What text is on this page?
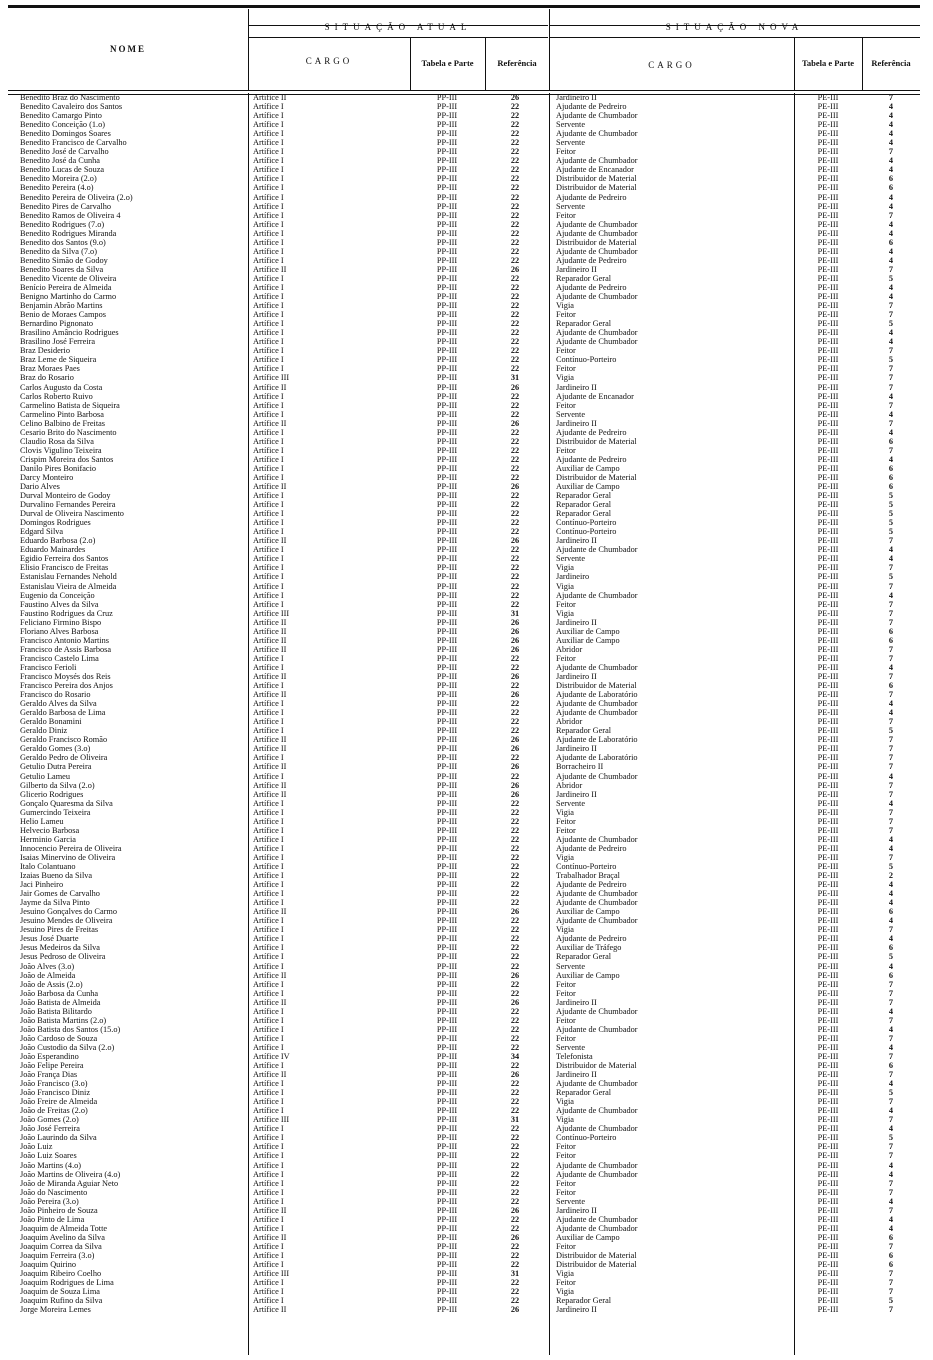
NOME
SITUAÇÃO ATUAL	SITUAÇÃO NOVA
CARGO	Tabela e Parte	Referência	CARGO	Tabela e Parte	Referência
Benedito Braz do Nascimento	Artífice II	PP-III	26	Jardineiro II	PE-III	7
Benedito Cavaleiro dos Santos	Artífice I	PP-III	22	Ajudante de Pedreiro	PE-III	4
Benedito Camargo Pinto	Artífice I	PP-III	22	Ajudante de Chumbador	PE-III	4
Benedito Conceição (1.o)	Artífice I	PP-III	22	Servente	PE-III	4
Benedito Domingos Soares	Artífice I	PP-III	22	Ajudante de Chumbador	PE-III	4
Benedito Francisco de Carvalho	Artífice I	PP-III	22	Servente	PE-III	4
Benedito José de Carvalho	Artífice I	PP-III	22	Feitor	PE-III	7
Benedito José da Cunha	Artífice I	PP-III	22	Ajudante de Chumbador	PE-III	4
Benedito Lucas de Souza	Artífice I	PP-III	22	Ajudante de Encanador	PE-III	4
Benedito Moreira (2.o)	Artífice I	PP-III	22	Distribuidor de Material	PE-III	6
Benedito Pereira (4.o)	Artífice I	PP-III	22	Distribuidor de Material	PE-III	6
Benedito Pereira de Oliveira (2.o)	Artífice I	PP-III	22	Ajudante de Pedreiro	PE-III	4
Benedito Pires de Carvalho	Artífice I	PP-III	22	Servente	PE-III	4
Benedito Ramos de Oliveira 4	Artífice I	PP-III	22	Feitor	PE-III	7
Benedito Rodrigues (7.o)	Artífice I	PP-III	22	Ajudante de Chumbador	PE-III	4
Benedito Rodrigues Miranda	Artífice I	PP-III	22	Ajudante de Chumbador	PE-III	4
Benedito dos Santos (9.o)	Artífice I	PP-III	22	Distribuidor de Material	PE-III	6
Benedito da Silva (7.o)	Artífice I	PP-III	22	Ajudante de Chumbador	PE-III	4
Benedito Simão de Godoy	Artífice I	PP-III	22	Ajudante de Pedreiro	PE-III	4
Benedito Soares da Silva	Artífice II	PP-III	26	Jardineiro II	PE-III	7
Benedito Vicente de Oliveira	Artífice I	PP-III	22	Reparador Geral	PE-III	5
Benício Pereira de Almeida	Artífice I	PP-III	22	Ajudante de Pedreiro	PE-III	4
Benigno Martinho do Carmo	Artífice I	PP-III	22	Ajudante de Chumbador	PE-III	4
Benjamin Abrão Martins	Artífice I	PP-III	22	Vigia	PE-III	7
Benio de Moraes Campos	Artífice I	PP-III	22	Feitor	PE-III	7
Bernardino Pignonato	Artífice I	PP-III	22	Reparador Geral	PE-III	5
Brasilino Amâncio Rodrigues	Artífice I	PP-III	22	Ajudante de Chumbador	PE-III	4
Brasilino José Ferreira	Artífice I	PP-III	22	Ajudante de Chumbador	PE-III	4
Braz Desiderio	Artífice I	PP-III	22	Feitor	PE-III	7
Braz Leme de Siqueira	Artífice I	PP-III	22	Contínuo-Porteiro	PE-III	5
Braz Moraes Paes	Artífice I	PP-III	22	Feitor	PE-III	7
Braz do Rosario	Artífice III	PP-III	31	Vigia	PE-III	7
Carlos Augusto da Costa	Artífice II	PP-III	26	Jardineiro II	PE-III	7
Carlos Roberto Ruivo	Artífice I	PP-III	22	Ajudante de Encanador	PE-III	4
Carmelino Batista de Siqueira	Artífice I	PP-III	22	Feitor	PE-III	7
Carmelino Pinto Barbosa	Artífice I	PP-III	22	Servente	PE-III	4
Celino Balbino de Freitas	Artífice II	PP-III	26	Jardineiro II	PE-III	7
Cesario Brito do Nascimento	Artífice I	PP-III	22	Ajudante de Pedreiro	PE-III	4
Claudio Rosa da Silva	Artífice I	PP-III	22	Distribuidor de Material	PE-III	6
Clovis Vigulino Teixeira	Artífice I	PP-III	22	Feitor	PE-III	7
Crispim Moreira dos Santos	Artífice I	PP-III	22	Ajudante de Pedreiro	PE-III	4
Danilo Pires Bonifacio	Artífice I	PP-III	22	Auxiliar de Campo	PE-III	6
Darcy Monteiro	Artífice I	PP-III	22	Distribuidor de Material	PE-III	6
Dario Alves	Artífice II	PP-III	26	Auxiliar de Campo	PE-III	6
Durval Monteiro de Godoy	Artífice I	PP-III	22	Reparador Geral	PE-III	5
Durvalino Fernandes Pereira	Artífice I	PP-III	22	Reparador Geral	PE-III	5
Durval de Oliveira Nascimento	Artífice I	PP-III	22	Reparador Geral	PE-III	5
Domingos Rodrigues	Artífice I	PP-III	22	Contínuo-Porteiro	PE-III	5
Edgard Silva	Artífice I	PP-III	22	Contínuo-Porteiro	PE-III	5
Eduardo Barbosa (2.o)	Artífice II	PP-III	26	Jardineiro II	PE-III	7
Eduardo Mainardes	Artífice I	PP-III	22	Ajudante de Chumbador	PE-III	4
Egidio Ferreira dos Santos	Artífice I	PP-III	22	Servente	PE-III	4
Elisio Francisco de Freitas	Artífice I	PP-III	22	Vigia	PE-III	7
Estanislau Fernandes Nehold	Artífice I	PP-III	22	Jardineiro	PE-III	5
Estanislau Vieira de Almeida	Artífice I	PP-III	22	Vigia	PE-III	7
Eugenio da Conceição	Artífice I	PP-III	22	Ajudante de Chumbador	PE-III	4
Faustino Alves da Silva	Artífice I	PP-III	22	Feitor	PE-III	7
Faustino Rodrigues da Cruz	Artífice III	PP-III	31	Vigia	PE-III	7
Feliciano Firmino Bispo	Artífice II	PP-III	26	Jardineiro II	PE-III	7
Floriano Alves Barbosa	Artífice II	PP-III	26	Auxiliar de Campo	PE-III	6
Francisco Antonio Martins	Artífice II	PP-III	26	Auxiliar de Campo	PE-III	6
Francisco de Assis Barbosa	Artífice II	PP-III	26	Abridor	PE-III	7
Francisco Castelo Lima	Artífice I	PP-III	22	Feitor	PE-III	7
Francisco Ferioli	Artífice I	PP-III	22	Ajudante de Chumbador	PE-III	4
Francisco Moysés dos Reis	Artífice II	PP-III	26	Jardineiro II	PE-III	7
Francisco Pereira dos Anjos	Artífice I	PP-III	22	Distribuidor de Material	PE-III	6
Francisco do Rosario	Artífice II	PP-III	26	Ajudante de Laboratório	PE-III	7
Geraldo Alves da Silva	Artífice I	PP-III	22	Ajudante de Chumbador	PE-III	4
Geraldo Barbosa de Lima	Artífice I	PP-III	22	Ajudante de Chumbador	PE-III	4
Geraldo Bonamini	Artífice I	PP-III	22	Abridor	PE-III	7
Geraldo Diniz	Artífice I	PP-III	22	Reparador Geral	PE-III	5
Geraldo Francisco Romão	Artífice II	PP-III	26	Ajudante de Laboratório	PE-III	7
Geraldo Gomes (3.o)	Artífice II	PP-III	26	Jardineiro II	PE-III	7
Geraldo Pedro de Oliveira	Artífice I	PP-III	22	Ajudante de Laboratório	PE-III	7
Getulio Dutra Pereira	Artífice II	PP-III	26	Borracheiro II	PE-III	7
Getulio Lameu	Artífice I	PP-III	22	Ajudante de Chumbador	PE-III	4
Gilberto da Silva (2.o)	Artífice II	PP-III	26	Abridor	PE-III	7
Glicerio Rodrigues	Artífice II	PP-III	26	Jardineiro II	PE-III	7
Gonçalo Quaresma da Silva	Artífice I	PP-III	22	Servente	PE-III	4
Gumercindo Teixeira	Artífice I	PP-III	22	Vigia	PE-III	7
Helio Lameu	Artífice I	PP-III	22	Feitor	PE-III	7
Helvecio Barbosa	Artífice I	PP-III	22	Feitor	PE-III	7
Herminio Garcia	Artífice I	PP-III	22	Ajudante de Chumbador	PE-III	4
Innocencio Pereira de Oliveira	Artífice I	PP-III	22	Ajudante de Pedreiro	PE-III	4
Isaias Minervino de Oliveira	Artífice I	PP-III	22	Vigia	PE-III	7
Italo Colantuano	Artífice I	PP-III	22	Contínuo-Porteiro	PE-III	5
Izaias Bueno da Silva	Artífice I	PP-III	22	Trabalhador Braçal	PE-III	2
Jaci Pinheiro	Artífice I	PP-III	22	Ajudante de Pedreiro	PE-III	4
Jair Gomes de Carvalho	Artífice I	PP-III	22	Ajudante de Chumbador	PE-III	4
Jayme da Silva Pinto	Artífice I	PP-III	22	Ajudante de Chumbador	PE-III	4
Jesuino Gonçalves do Carmo	Artífice II	PP-III	26	Auxiliar de Campo	PE-III	6
Jesuino Mendes de Oliveira	Artífice I	PP-III	22	Ajudante de Chumbador	PE-III	4
Jesuino Pires de Freitas	Artífice I	PP-III	22	Vigia	PE-III	7
Jesus José Duarte	Artífice I	PP-III	22	Ajudante de Pedreiro	PE-III	4
Jesus Medeiros da Silva	Artífice I	PP-III	22	Auxiliar de Tráfego	PE-III	6
Jesus Pedroso de Oliveira	Artífice I	PP-III	22	Reparador Geral	PE-III	5
João Alves (3.o)	Artífice I	PP-III	22	Servente	PE-III	4
João de Almeida	Artífice II	PP-III	26	Auxiliar de Campo	PE-III	6
João de Assis (2.o)	Artífice I	PP-III	22	Feitor	PE-III	7
João Barbosa da Cunha	Artífice I	PP-III	22	Feitor	PE-III	7
João Batista de Almeida	Artífice II	PP-III	26	Jardineiro II	PE-III	7
João Batista Bilitardo	Artífice I	PP-III	22	Ajudante de Chumbador	PE-III	4
João Batista Martins (2.o)	Artífice I	PP-III	22	Feitor	PE-III	7
João Batista dos Santos (15.o)	Artífice I	PP-III	22	Ajudante de Chumbador	PE-III	4
João Cardoso de Souza	Artífice I	PP-III	22	Feitor	PE-III	7
João Custodio da Silva (2.o)	Artífice I	PP-III	22	Servente	PE-III	4
João Esperandino	Artífice IV	PP-III	34	Telefonista	PE-III	7
João Felipe Pereira	Artífice I	PP-III	22	Distribuidor de Material	PE-III	6
João França Dias	Artífice II	PP-III	26	Jardineiro II	PE-III	7
João Francisco (3.o)	Artífice I	PP-III	22	Ajudante de Chumbador	PE-III	4
João Francisco Diniz	Artífice I	PP-III	22	Reparador Geral	PE-III	5
João Freire de Almeida	Artífice I	PP-III	22	Vigia	PE-III	7
João de Freitas (2.o)	Artífice I	PP-III	22	Ajudante de Chumbador	PE-III	4
João Gomes (2.o)	Artífice III	PP-III	31	Vigia	PE-III	7
João José Ferreira	Artífice I	PP-III	22	Ajudante de Chumbador	PE-III	4
João Laurindo da Silva	Artífice I	PP-III	22	Contínuo-Porteiro	PE-III	5
João Luiz	Artífice I	PP-III	22	Feitor	PE-III	7
João Luiz Soares	Artífice I	PP-III	22	Feitor	PE-III	7
João Martins (4.o)	Artífice I	PP-III	22	Ajudante de Chumbador	PE-III	4
João Martins de Oliveira (4.o)	Artífice I	PP-III	22	Ajudante de Chumbador	PE-III	4
João de Miranda Aguiar Neto	Artífice I	PP-III	22	Feitor	PE-III	7
João do Nascimento	Artífice I	PP-III	22	Feitor	PE-III	7
João Pereira (3.o)	Artífice I	PP-III	22	Servente	PE-III	4
João Pinheiro de Souza	Artífice II	PP-III	26	Jardineiro II	PE-III	7
João Pinto de Lima	Artífice I	PP-III	22	Ajudante de Chumbador	PE-III	4
Joaquim de Almeida Totte	Artífice I	PP-III	22	Ajudante de Chumbador	PE-III	4
Joaquim Avelino da Silva	Artífice II	PP-III	26	Auxiliar de Campo	PE-III	6
Joaquim Correa da Silva	Artífice I	PP-III	22	Feitor	PE-III	7
Joaquim Ferreira (3.o)	Artífice I	PP-III	22	Distribuidor de Material	PE-III	6
Joaquim Quirino	Artífice I	PP-III	22	Distribuidor de Material	PE-III	6
Joaquim Ribeiro Coelho	Artífice III	PP-III	31	Vigia	PE-III	7
Joaquim Rodrigues de Lima	Artífice I	PP-III	22	Feitor	PE-III	7
Joaquim de Souza Lima	Artífice I	PP-III	22	Vigia	PE-III	7
Joaquim Rufino da Silva	Artífice I	PP-III	22	Reparador Geral	PE-III	5
Jorge Moreira Lemes	Artífice II	PP-III	26	Jardineiro II	PE-III	7
